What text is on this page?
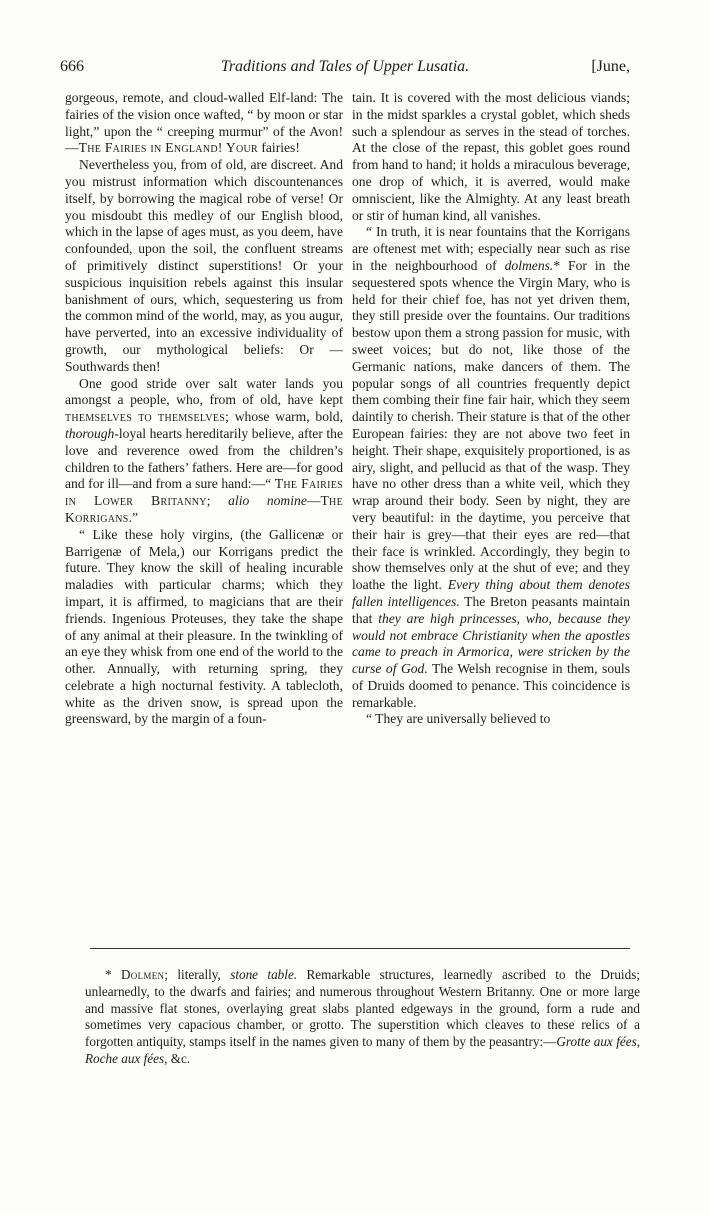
666	Traditions and Tales of Upper Lusatia.	[June,

gorgeous, remote, and cloud-walled Elf-land: The fairies of the vision once wafted, “ by moon or star light,” upon the “ creeping murmur” of the Avon!—The Fairies in England! Your fairies!

Nevertheless you, from of old, are discreet. And you mistrust information which discountenances itself, by borrowing the magical robe of verse! Or you misdoubt this medley of our English blood, which in the lapse of ages must, as you deem, have confounded, upon the soil, the confluent streams of primitively distinct superstitions! Or your suspicious inquisition rebels against this insular banishment of ours, which, sequestering us from the common mind of the world, may, as you augur, have perverted, into an excessive individuality of growth, our mythological beliefs: Or —Southwards then!

One good stride over salt water lands you amongst a people, who, from of old, have kept themselves to themselves; whose warm, bold, thorough-loyal hearts hereditarily believe, after the love and reverence owed from the children’s children to the fathers’ fathers. Here are—for good and for ill—and from a sure hand:—“ The Fairies in Lower Britanny; alio nomine—The Korrigans.”

“ Like these holy virgins, (the Gallicenæ or Barrigenæ of Mela,) our Korrigans predict the future. They know the skill of healing incurable maladies with particular charms; which they impart, it is affirmed, to magicians that are their friends. Ingenious Proteuses, they take the shape of any animal at their pleasure. In the twinkling of an eye they whisk from one end of the world to the other. Annually, with returning spring, they celebrate a high nocturnal festivity. A tablecloth, white as the driven snow, is spread upon the greensward, by the margin of a foun-

tain. It is covered with the most delicious viands; in the midst sparkles a crystal goblet, which sheds such a splendour as serves in the stead of torches. At the close of the repast, this goblet goes round from hand to hand; it holds a miraculous beverage, one drop of which, it is averred, would make omniscient, like the Almighty. At any least breath or stir of human kind, all vanishes.

“ In truth, it is near fountains that the Korrigans are oftenest met with; especially near such as rise in the neighbourhood of dolmens.* For in the sequestered spots whence the Virgin Mary, who is held for their chief foe, has not yet driven them, they still preside over the fountains. Our traditions bestow upon them a strong passion for music, with sweet voices; but do not, like those of the Germanic nations, make dancers of them. The popular songs of all countries frequently depict them combing their fine fair hair, which they seem daintily to cherish. Their stature is that of the other European fairies: they are not above two feet in height. Their shape, exquisitely proportioned, is as airy, slight, and pellucid as that of the wasp. They have no other dress than a white veil, which they wrap around their body. Seen by night, they are very beautiful: in the daytime, you perceive that their hair is grey—that their eyes are red—that their face is wrinkled. Accordingly, they begin to show themselves only at the shut of eve; and they loathe the light. Every thing about them denotes fallen intelligences. The Breton peasants maintain that they are high princesses, who, because they would not embrace Christianity when the apostles came to preach in Armorica, were stricken by the curse of God. The Welsh recognise in them, souls of Druids doomed to penance. This coincidence is remarkable.

“ They are universally believed to

* Dolmen; literally, stone table. Remarkable structures, learnedly ascribed to the Druids; unlearnedly, to the dwarfs and fairies; and numerous throughout Western Britanny. One or more large and massive flat stones, overlaying great slabs planted edgeways in the ground, form a rude and sometimes very capacious chamber, or grotto. The superstition which cleaves to these relics of a forgotten antiquity, stamps itself in the names given to many of them by the peasantry:—Grotte aux fées, Roche aux fées, &c.
